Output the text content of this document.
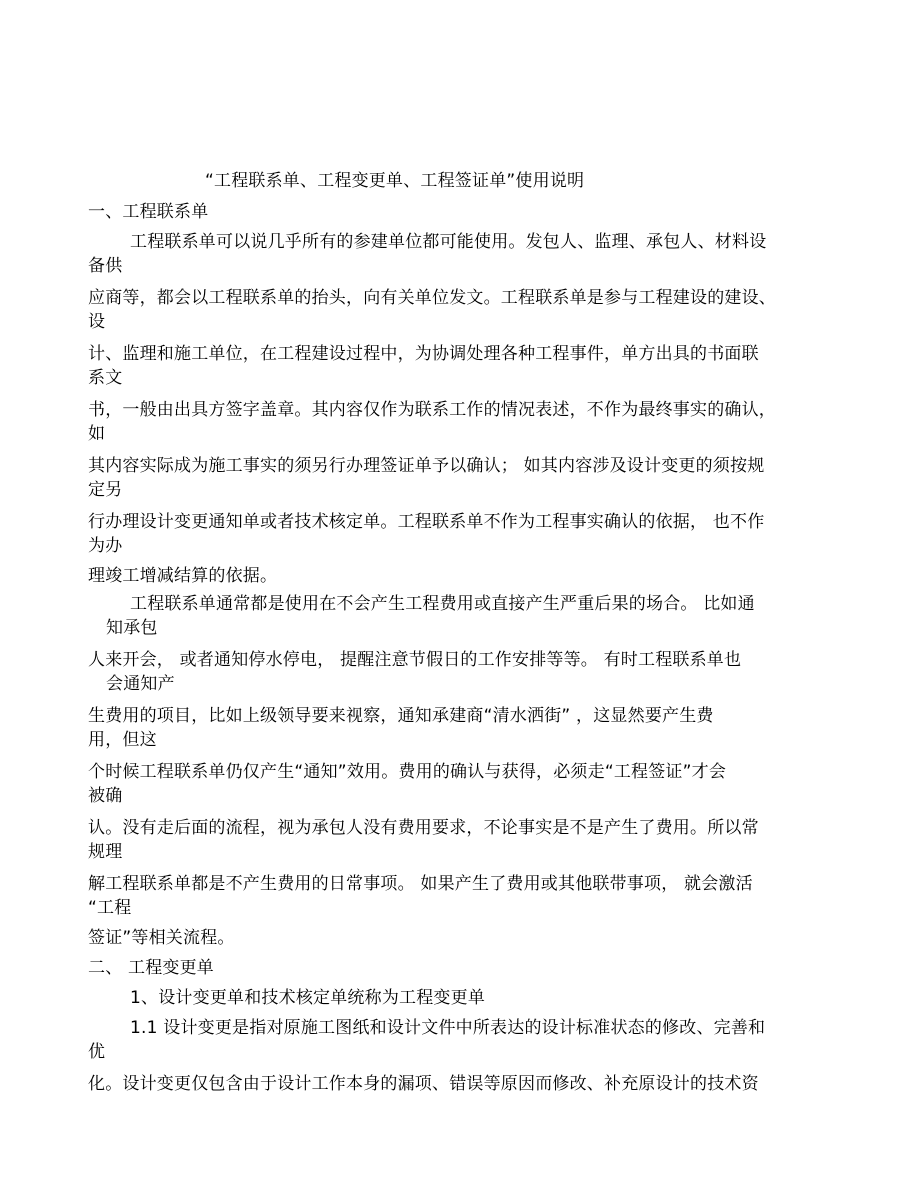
“工程联系单、工程变更单、工程签证单”使用说明
一、工程联系单
工程联系单可以说几乎所有的参建单位都可能使用。发包人、监理、承包人、材料设
备供
应商等，都会以工程联系单的抬头，向有关单位发文。工程联系单是参与工程建设的建设、
设
计、监理和施工单位，在工程建设过程中，为协调处理各种工程事件，单方出具的书面联
系文
书，一般由出具方签字盖章。其内容仅作为联系工作的情况表述，不作为最终事实的确认，
如
其内容实际成为施工事实的须另行办理签证单予以确认； 如其内容涉及设计变更的须按规
定另
行办理设计变更通知单或者技术核定单。工程联系单不作为工程事实确认的依据， 也不作
为办
理竣工增减结算的依据。
工程联系单通常都是使用在不会产生工程费用或直接产生严重后果的场合。 比如通
知承包
人来开会， 或者通知停水停电， 提醒注意节假日的工作安排等等。 有时工程联系单也
会通知产
生费用的项目，比如上级领导要来视察，通知承建商“清水洒街” ，这显然要产生费
用，但这
个时候工程联系单仍仅产生“通知”效用。费用的确认与获得，必须走“工程签证”才会
被确
认。没有走后面的流程，视为承包人没有费用要求，不论事实是不是产生了费用。所以常
规理
解工程联系单都是不产生费用的日常事项。 如果产生了费用或其他联带事项， 就会激活
“工程
签证”等相关流程。
二、 工程变更单
1、设计变更单和技术核定单统称为工程变更单
1.1 设计变更是指对原施工图纸和设计文件中所表达的设计标准状态的修改、完善和
优
化。设计变更仅包含由于设计工作本身的漏项、错误等原因而修改、补充原设计的技术资
